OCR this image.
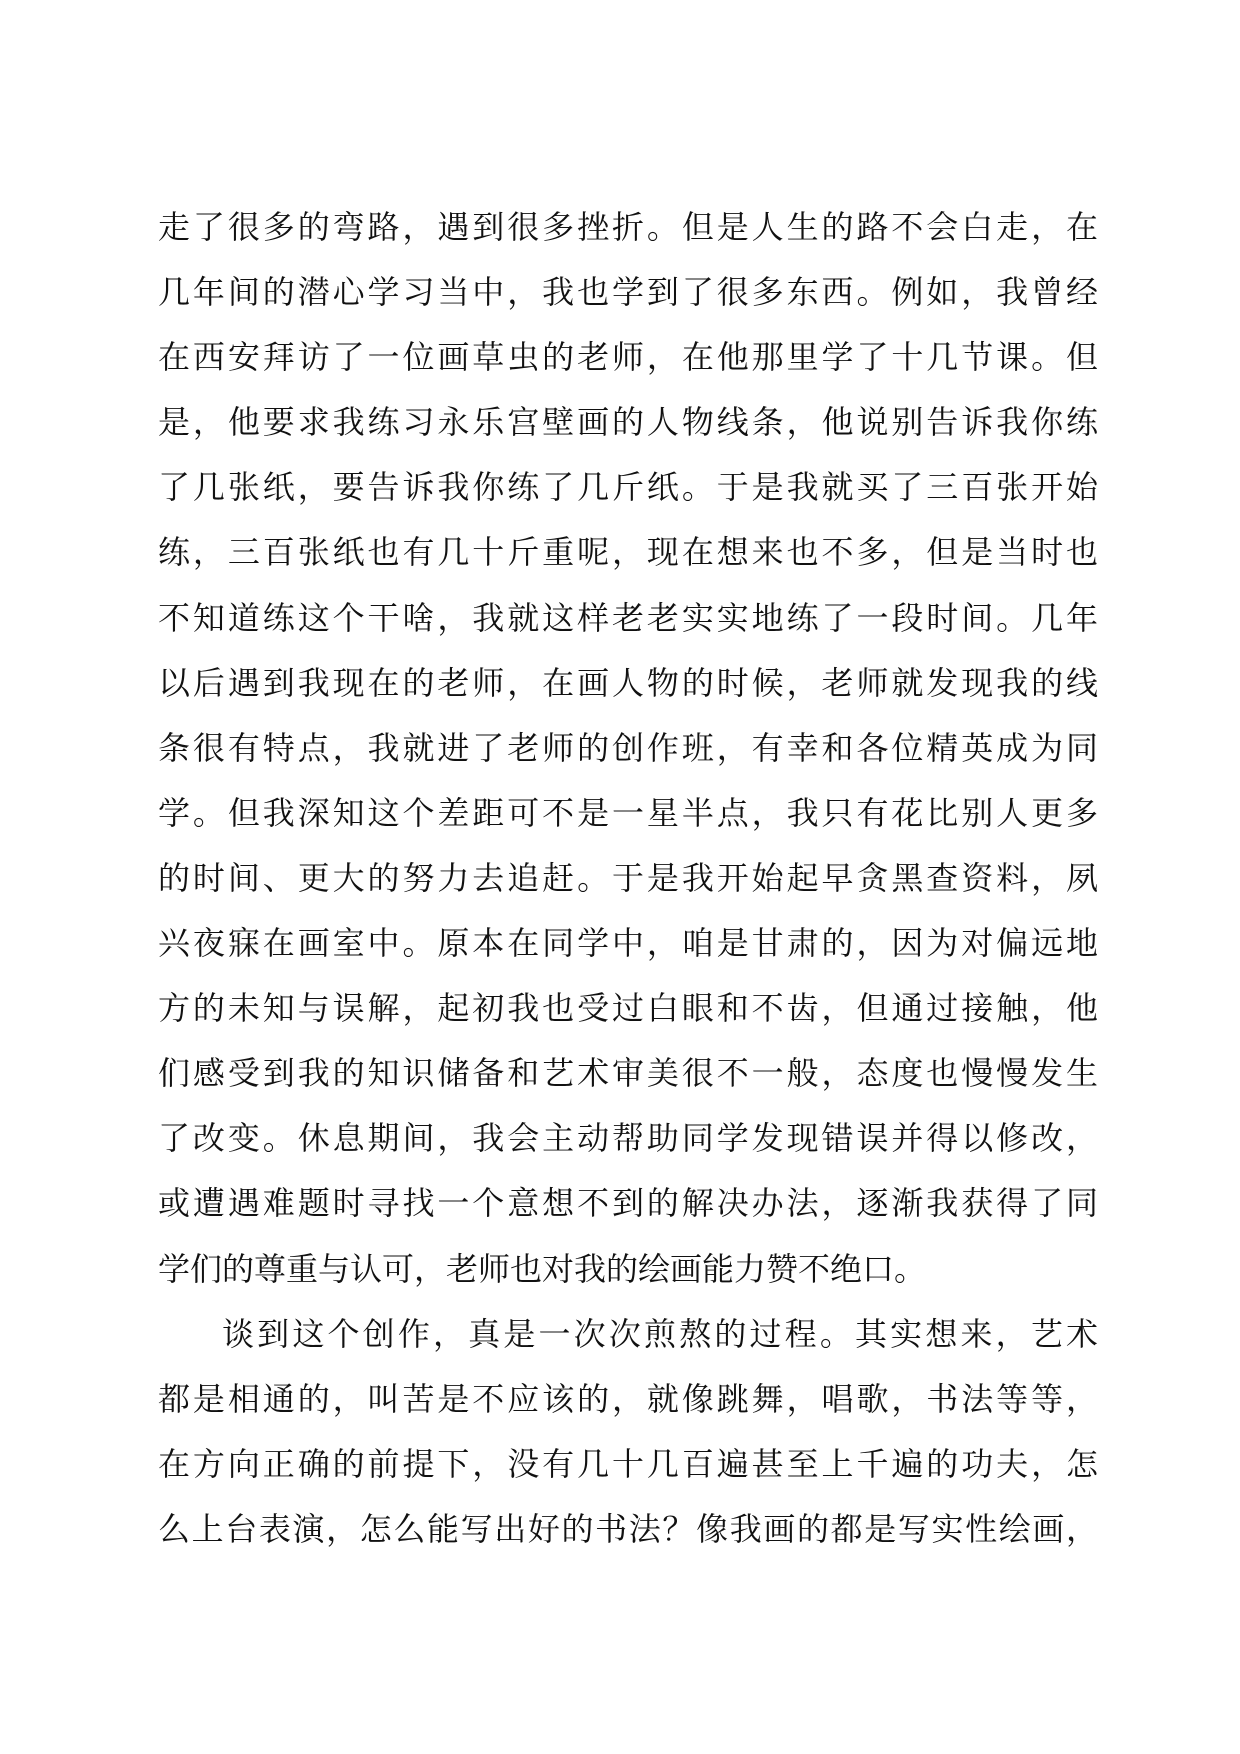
走了很多的弯路，遇到很多挫折。但是人生的路不会白走，在
几年间的潜心学习当中，我也学到了很多东西。例如，我曾经
在西安拜访了一位画草虫的老师，在他那里学了十几节课。但
是，他要求我练习永乐宫壁画的人物线条，他说别告诉我你练
了几张纸，要告诉我你练了几斤纸。于是我就买了三百张开始
练，三百张纸也有几十斤重呢，现在想来也不多，但是当时也
不知道练这个干啥，我就这样老老实实地练了一段时间。几年
以后遇到我现在的老师，在画人物的时候，老师就发现我的线
条很有特点，我就进了老师的创作班，有幸和各位精英成为同
学。但我深知这个差距可不是一星半点，我只有花比别人更多
的时间、更大的努力去追赶。于是我开始起早贪黑查资料，夙
兴夜寐在画室中。原本在同学中，咱是甘肃的，因为对偏远地
方的未知与误解，起初我也受过白眼和不齿，但通过接触，他
们感受到我的知识储备和艺术审美很不一般，态度也慢慢发生
了改变。休息期间，我会主动帮助同学发现错误并得以修改，
或遭遇难题时寻找一个意想不到的解决办法，逐渐我获得了同
学们的尊重与认可，老师也对我的绘画能力赞不绝口。
谈到这个创作，真是一次次煎熬的过程。其实想来，艺术
都是相通的，叫苦是不应该的，就像跳舞，唱歌，书法等等，
在方向正确的前提下，没有几十几百遍甚至上千遍的功夫，怎
么上台表演，怎么能写出好的书法？像我画的都是写实性绘画，
